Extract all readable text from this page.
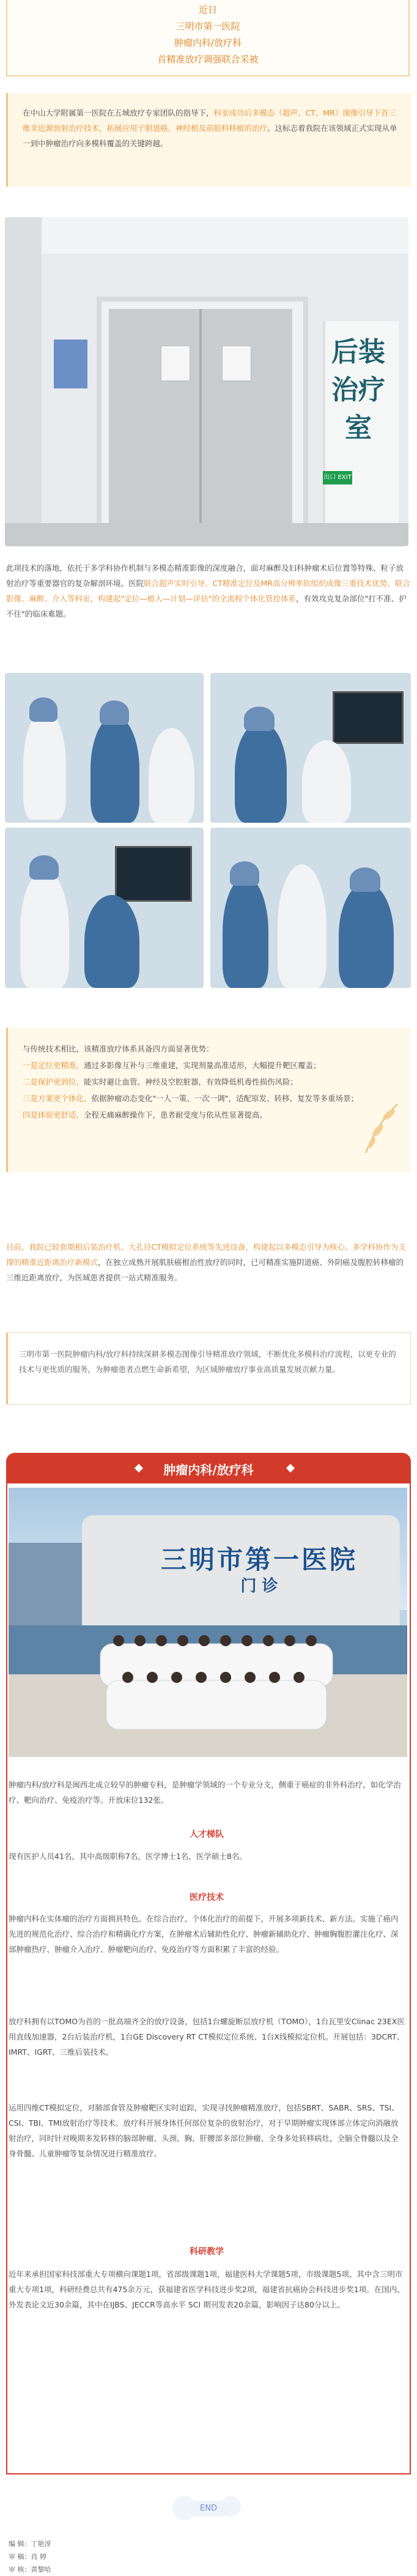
近日
三明市第一医院
肿瘤内科/放疗科
首精准放疗调强联合采被
在中山大学附属第一医院在五城放疗专家团队的指导下，科室成功后多模态（超声、CT、MR）图像引导下首三维非近源放射治疗技术，拓展应用于胆道癌、神经根及前胶科移植的治疗。这标志着我院在该领域正式实现从单一到中肿瘤治疗向多模科覆盖的关键跨越。
后装治疗室
出口 EXIT
此项技术的落地，依托于多学科协作机制与多模态精准影像的深度融合，面对麻醉及妇科肿瘤术后位置等特殊、粒子放射治疗等重要器官的复杂解剖环境。医院联合超声实时引导、CT精准定位及MR高分辨率软组织成像三重技术优势，联合影像、麻醉、介入等科室，构建起"定位—植入—计划—评估"的全流程个体化管控体系，有效攻克复杂部位"打不准、护不住"的临床难题。
与传统技术相比，该精准放疗体系具备四方面显著优势：
一是定位更精准，通过多影像互补与三维重建，实现剂量高准适形，大幅提升靶区覆盖；
二是保护更到位，能实时避让血管、神经及空腔脏器，有效降低机毒性损伤风险；
三是方案更个体化，依据肿瘤动态变化"一人一策、一次一调"，适配原发、转移、复发等多重场景；
四是体验更舒适，全程无痛麻醉操作下，患者耐受度与依从性显著提高。
目前，我院已较套期相后装治疗机、大孔径CT模拟定位系统等先进设备，构建起以多模态引导为核心、多学科协作为支撑的精准近距离治疗新模式，在独立成熟开展肌肤癌根治性放疗的同时，已可精准实施阴道癌、外阴癌及腹腔转移瘤的三维近距离放疗，为医域患者提供一站式精准服务。
三明市第一医院肿瘤内科/放疗科持续深耕多模态图像引导精准放疗领域，不断优化多模科治疗流程，以更专业的技术与更优质的服务，为肿瘤患者点燃生命新希望，为区域肿瘤放疗事业高质量发展贡献力量。
肿瘤内科/放疗科
三明市第一医院
门 诊
肿瘤内科/放疗科是闽西北成立较早的肿瘤专科，是肿瘤学领域的一个专业分支，侧重于癌症的非外科治疗，如化学治疗、靶向治疗、免疫治疗等。开放床位132张。
人才梯队
现有医护人员41名，其中高级职称7名，医学博士1名，医学硕士8名。
医疗技术
肿瘤内科在实体瘤的治疗方面拥具特色。在综合治疗、个体化治疗的前提下，开展多项新技术、新方法。实施了癌内先进的规范化治疗、综合治疗和精确化疗方案，在肿瘤术后辅助性化疗、肿瘤新辅助化疗、肿瘤胸腹腔灌注化疗、深部肿瘤热疗、肿瘤介入治疗、肿瘤靶向治疗、免疫治疗等方面积累了丰富的经验。
放疗科拥有以TOMO为首的一批高端齐全的放疗设备，包括1台螺旋断层放疗机（TOMO），1台瓦里安Clinac 23EX医用直线加速器，2台后装治疗机，1台GE Discovery RT CT模拟定位系统、1台X线模拟定位机。开展包括：3DCRT、IMRT、IGRT、三维后装技术。
运用四维CT模拟定位，对肺部食管及肿瘤靶区实时追踪，实现寻找肿瘤精准放疗，包括SBRT、SABR、SRS、TSI、CSI、TBI、TMI放射治疗等技术。放疗科开展身体任何部位复杂的放射治疗，对于早期肿瘤实现体部立体定向消融放射治疗，同时针对晚期多发转移的脑部肿瘤、头颈、胸、肝腰部多部位肿瘤、全身多处转移病灶，全脑全脊髓以及全身骨髓、儿童肿瘤等复杂情况进行精准放疗。
科研教学
近年来承担国家科技部重大专项横向课题1项，省部级课题1项，福建医科大学课题5项，市级课题5项，其中含三明市重大专项1项，科研经费总共有475余万元，获福建省医学科技进步奖2项，福建省抗癌协会科技进步奖1项。在国内、外发表论文近30余篇，其中在IJBS、JECCR等高水平 SCI 期刊发表20余篇，影响因子达80分以上。
END
编 辑：丁艳淳
审 稿：肖 婷
审 核：黄黎哈
